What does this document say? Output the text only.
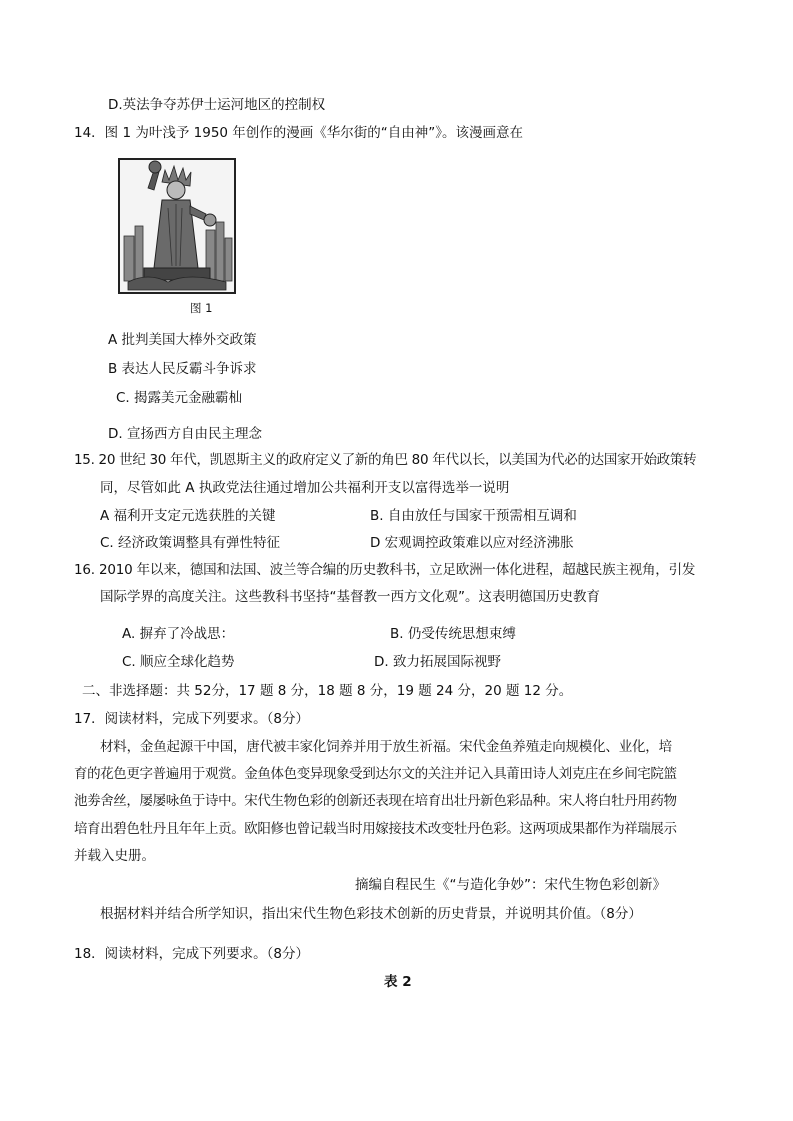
D.英法争夺苏伊士运河地区的控制权
14．图 1 为叶浅予 1950 年创作的漫画《华尔街的“自由神”》。该漫画意在
图 1
A 批判美国大棒外交政策
B 表达人民反霸斗争诉求
C. 揭露美元金融霸杣
D. 宣扬西方自由民主理念
15. 20 世纪 30 年代，凯恩斯主义的政府定义了新的角巴 80 年代以长，以美国为代必的达国家开始政策转
同，尽管如此 A 执政党法往通过增加公共福利开支以富得选举一说明
A 福利开支定元选获胜的关键	B. 自由放任与国家干预需相互调和
C. 经济政策调整具有弹性特征	D 宏观调控政策难以应对经济沸胀
16. 2010 年以来，德国和法国、波兰等合编的历史教科书，立足欧洲一体化进程，超越民族主视角，引发
国际学界的高度关注。这些教科书坚持“基督教一西方文化观”。这表明德国历史教育
A. 摒弃了冷战思：	B. 仍受传统思想束缚
C. 顺应全球化趋势	D. 致力拓展国际视野
二、非选择题：共 52分，17 题 8 分，18 题 8 分，19 题 24 分，20 题 12 分。
17．阅读材料，完成下列要求。（8分）
材料，金鱼起源干中国，唐代被丰家化饲养并用于放生祈福。宋代金鱼养殖走向规模化、业化，培
育的花色更字普遍用于观赏。金鱼体色变异现象受到达尔文的关注并记入具莆田诗人刘克庄在乡间宅院篮
池劵舍丝，屡屡咏鱼于诗中。宋代生物色彩的创新还表现在培育出壮丹新色彩品种。宋人将白牡丹用药物
培育出碧色牡丹且年年上贡。欧阳修也曾记载当时用嫁接技术改变牡丹色彩。这两项成果都作为祥瑞展示
并载入史册。
摘编自程民生《“与造化争妙”：宋代生物色彩创新》
根据材料并结合所学知识，指出宋代生物色彩技术创新的历史背景，并说明其价值。（8分）
18．阅读材料，完成下列要求。（8分）
表 2
